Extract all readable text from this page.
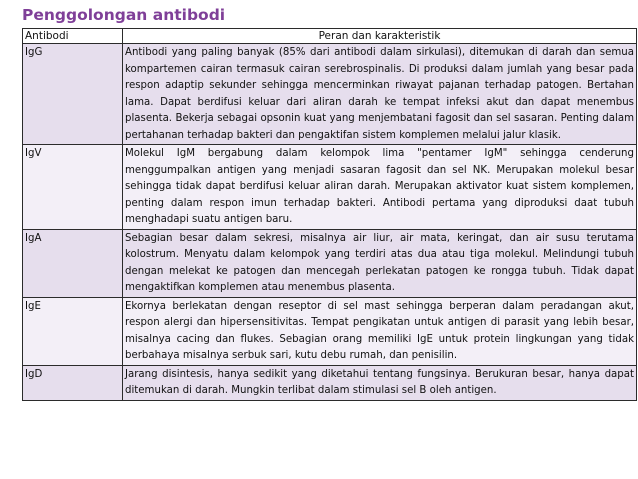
Penggolongan antibodi
Antibodi	Peran dan karakteristik
IgG	Antibodi yang paling banyak (85% dari antibodi dalam sirkulasi), ditemukan di darah dan semua kompartemen cairan termasuk cairan serebrospinalis. Di produksi dalam jumlah yang besar pada respon adaptip sekunder sehingga mencerminkan riwayat pajanan terhadap patogen. Bertahan lama. Dapat berdifusi keluar dari aliran darah ke tempat infeksi akut dan dapat menembus plasenta. Bekerja sebagai opsonin kuat yang menjembatani fagosit dan sel sasaran. Penting dalam pertahanan terhadap bakteri dan pengaktifan sistem komplemen melalui jalur klasik.
IgV	Molekul IgM bergabung dalam kelompok lima "pentamer IgM" sehingga cenderung menggumpalkan antigen yang menjadi sasaran fagosit dan sel NK. Merupakan molekul besar sehingga tidak dapat berdifusi keluar aliran darah. Merupakan aktivator kuat sistem komplemen, penting dalam respon imun terhadap bakteri. Antibodi pertama yang diproduksi daat tubuh menghadapi suatu antigen baru.
IgA	Sebagian besar dalam sekresi, misalnya air liur, air mata, keringat, dan air susu terutama kolostrum. Menyatu dalam kelompok yang terdiri atas dua atau tiga molekul. Melindungi tubuh dengan melekat ke patogen dan mencegah perlekatan patogen ke rongga tubuh. Tidak dapat mengaktifkan komplemen atau menembus plasenta.
IgE	Ekornya berlekatan dengan reseptor di sel mast sehingga berperan dalam peradangan akut, respon alergi dan hipersensitivitas. Tempat pengikatan untuk antigen di parasit yang lebih besar, misalnya cacing dan flukes. Sebagian orang memiliki IgE untuk protein lingkungan yang tidak berbahaya misalnya serbuk sari, kutu debu rumah, dan penisilin.
IgD	Jarang disintesis, hanya sedikit yang diketahui tentang fungsinya. Berukuran besar, hanya dapat ditemukan di darah. Mungkin terlibat dalam stimulasi sel B oleh antigen.
